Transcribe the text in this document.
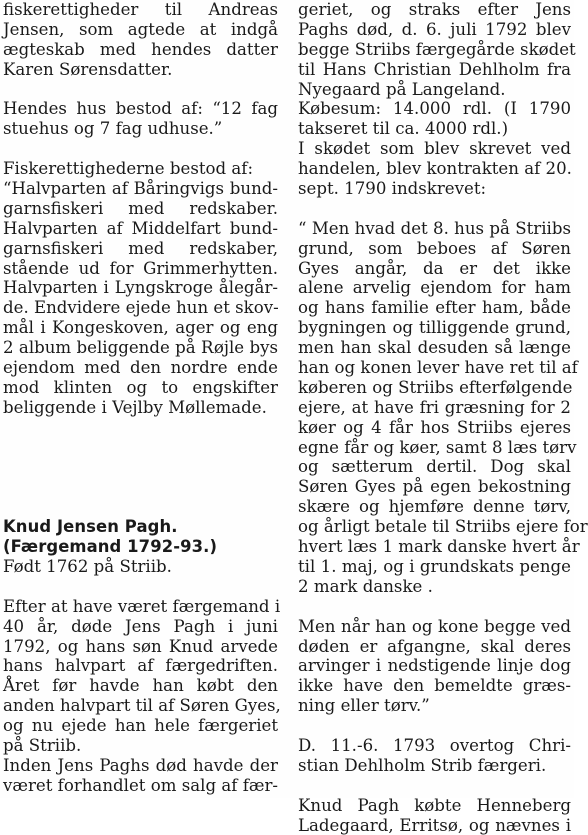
fiskerettigheder til Andreas
Jensen, som agtede at indgå
ægteskab med hendes datter
Karen Sørensdatter.
Hendes hus bestod af: “12 fag
stuehus og 7 fag udhuse.”
Fiskerettighederne bestod af:
“Halvparten af Båringvigs bund-
garnsfiskeri med redskaber.
Halvparten af Middelfart bund-
garnsfiskeri med redskaber,
stående ud for Grimmerhytten.
Halvparten i Lyngskroge ålegår-
de. Endvidere ejede hun et skov-
mål i Kongeskoven, ager og eng
2 album beliggende på Røjle bys
ejendom med den nordre ende
mod klinten og to engskifter
beliggende i Vejlby Møllemade.
Knud Jensen Pagh.
(Færgemand 1792-93.)
Født 1762 på Striib.
Efter at have været færgemand i
40 år, døde Jens Pagh i juni
1792, og hans søn Knud arvede
hans halvpart af færgedriften.
Året før havde han købt den
anden halvpart til af Søren Gyes,
og nu ejede han hele færgeriet
på Striib.
Inden Jens Paghs død havde der
været forhandlet om salg af fær-
geriet, og straks efter Jens
Paghs død, d. 6. juli 1792 blev
begge Striibs færgegårde skødet
til Hans Christian Dehlholm fra
Nyegaard på Langeland.
Købesum: 14.000 rdl. (I 1790
takseret til ca. 4000 rdl.)
I skødet som blev skrevet ved
handelen, blev kontrakten af 20.
sept. 1790 indskrevet:
“ Men hvad det 8. hus på Striibs
grund, som beboes af Søren
Gyes angår, da er det ikke
alene arvelig ejendom for ham
og hans familie efter ham, både
bygningen og tilliggende grund,
men han skal desuden så længe
han og konen lever have ret til af
køberen og Striibs efterfølgende
ejere, at have fri græsning for 2
køer og 4 får hos Striibs ejeres
egne får og køer, samt 8 læs tørv
og sætterum dertil. Dog skal
Søren Gyes på egen bekostning
skære og hjemføre denne tørv,
og årligt betale til Striibs ejere for
hvert læs 1 mark danske hvert år
til 1. maj, og i grundskats penge
2 mark danske .
Men når han og kone begge ved
døden er afgangne, skal deres
arvinger i nedstigende linje dog
ikke have den bemeldte græs-
ning eller tørv.”
D. 11.-6. 1793 overtog Chri-
stian Dehlholm Strib færgeri.
Knud Pagh købte Henneberg
Ladegaard, Erritsø, og nævnes i
